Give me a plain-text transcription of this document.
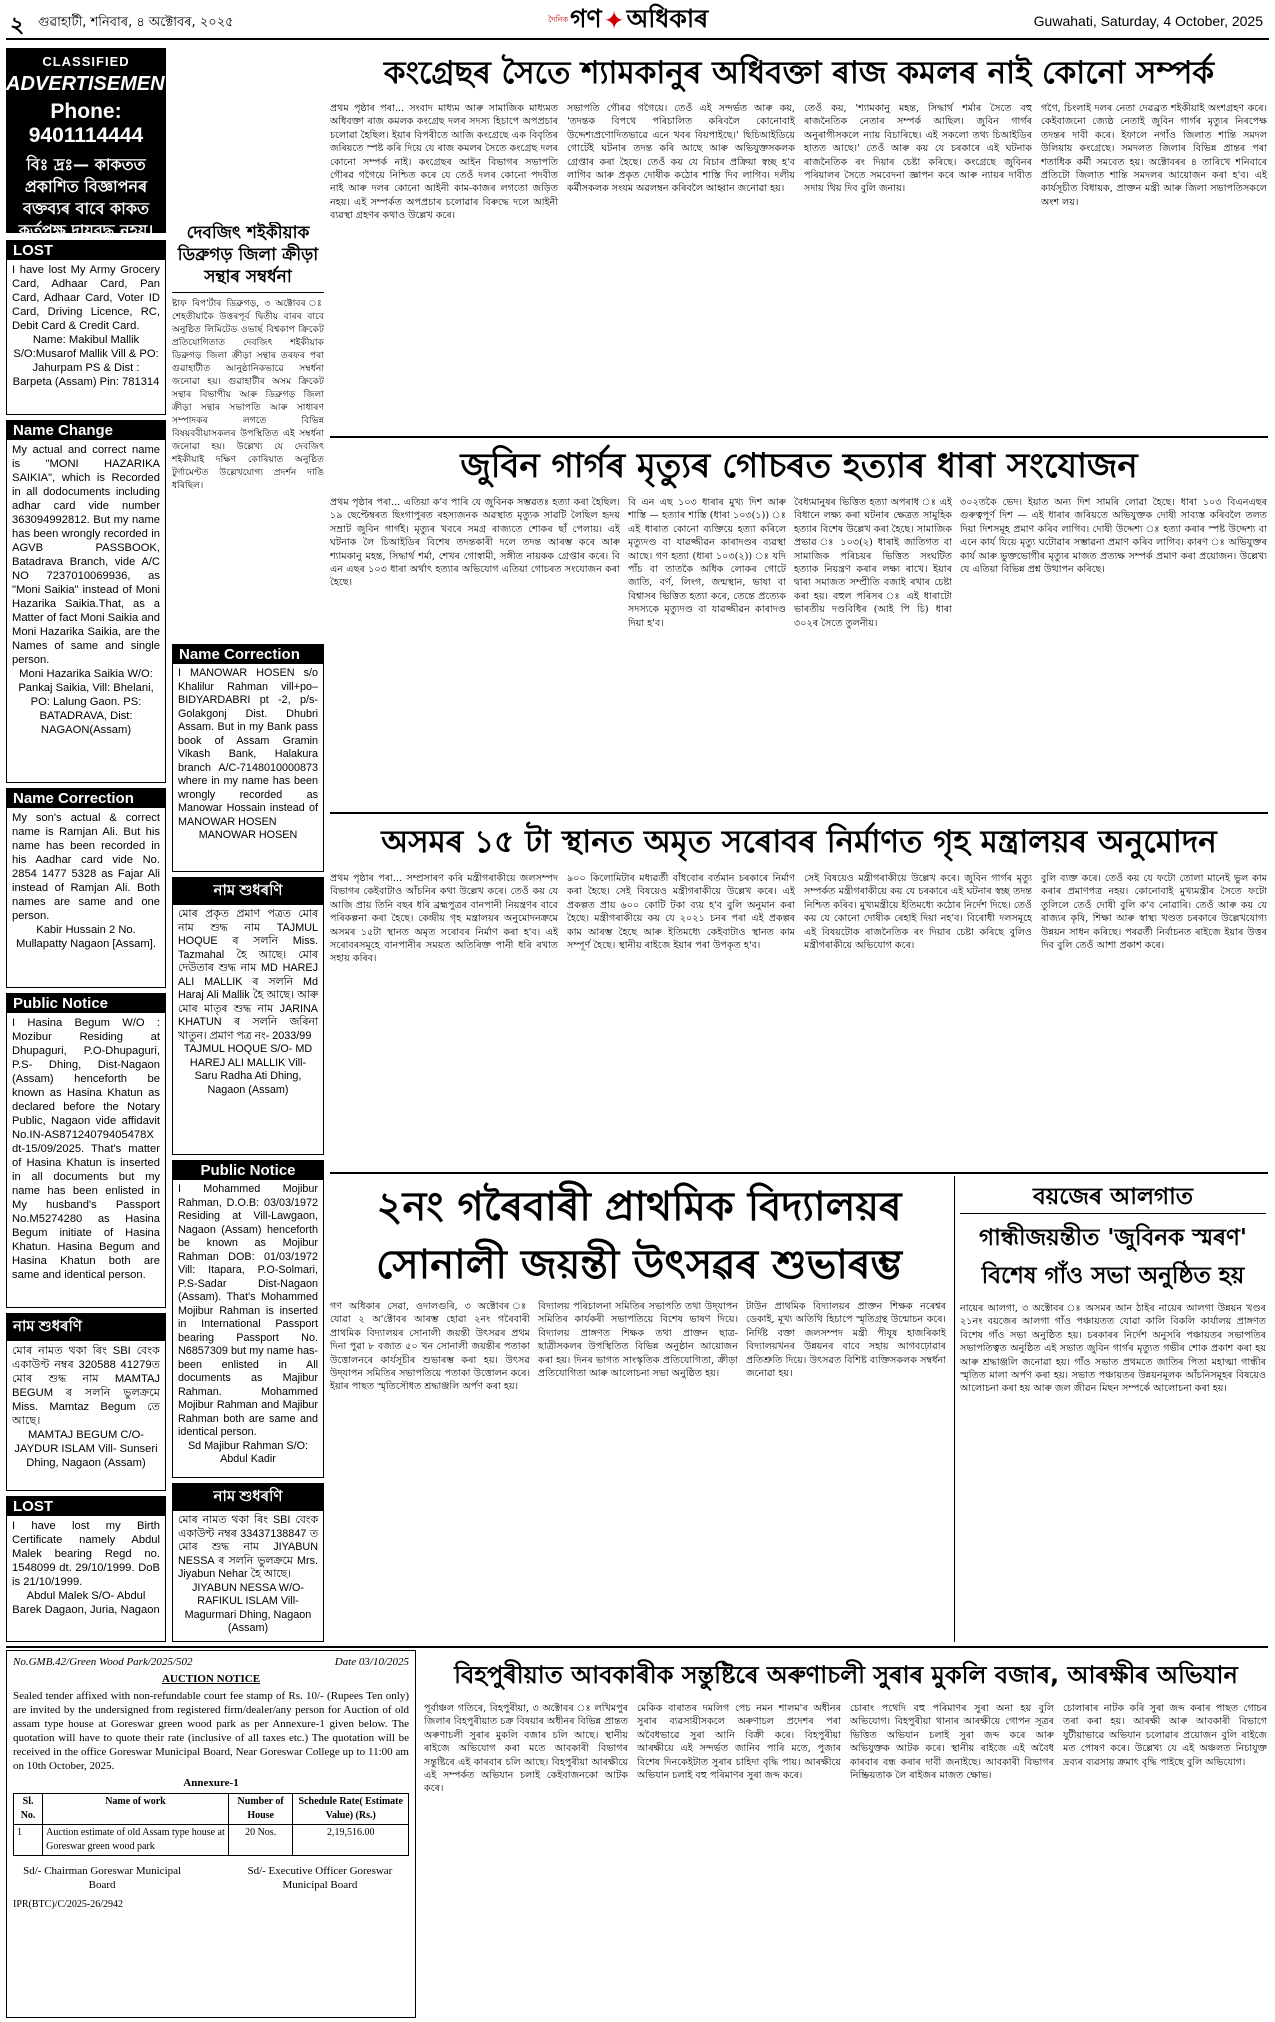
২ গুৱাহাটী, শনিবাৰ, ৪ অক্টোবৰ, ২০২৫	দৈনিক গণ ✦ অধিকাৰ	Guwahati, Saturday, 4 October, 2025
CLASSIFIED
ADVERTISEMENT
Phone: 9401114444
বিঃ দ্ৰঃ— কাকতত প্ৰকাশিত বিজ্ঞাপনৰ বক্তব্যৰ বাবে কাকত কৰ্তৃপক্ষ দায়বদ্ধ নহয়।
LOST
I have lost My Army Grocery Card, Adhaar Card, Pan Card, Adhaar Card, Voter ID Card, Driving Licence, RC, Debit Card & Credit Card.
Name: Makibul Mallik S/O:Musarof Mallik Vill & PO: Jahurpam PS & Dist : Barpeta (Assam) Pin: 781314
Name Change
My actual and correct name is "MONI HAZARIKA SAIKIA", which is Recorded in all dodocuments including adhar card vide number 363094992812. But my name has been wrongly recorded in AGVB PASSBOOK, Batadrava Branch, vide A/C NO 7237010069936, as "Moni Saikia" instead of Moni Hazarika Saikia.That, as a Matter of fact Moni Saikia and Moni Hazarika Saikia, are the Names of same and single person.
Moni Hazarika Saikia W/O: Pankaj Saikia, Vill: Bhelani, PO: Lalung Gaon. PS: BATADRAVA, Dist: NAGAON(Assam)
Name Correction
My son's actual & correct name is Ramjan Ali. But his name has been recorded in his Aadhar card vide No. 2854 1477 5328 as Fajar Ali instead of Ramjan Ali. Both names are same and one person.
Kabir Hussain 2 No. Mullapatty Nagaon [Assam].
Public Notice
I Hasina Begum W/O : Mozibur Residing at Dhupaguri, P.O-Dhupaguri, P.S- Dhing, Dist-Nagaon (Assam) henceforth be known as Hasina Khatun as declared before the Notary Public, Nagaon vide affidavit No.IN-AS87124079405478X dt-15/09/2025. That's matter of Hasina Khatun is inserted in all documents but my name has been enlisted in My husband's Passport No.M5274280 as Hasina Begum initiate of Hasina Khatun. Hasina Begum and Hasina Khatun both are same and identical person.
নাম শুধৰণি
মোৰ নামত থকা ৰিং SBI বেংক একাউণ্ট নম্বৰ 320588 41279ত মোৰ শুদ্ধ নাম MAMTAJ BEGUM ৰ সলনি ভুলক্ৰমে Miss. Mamtaz Begum তে আছে।
MAMTAJ BEGUM C/O- JAYDUR ISLAM Vill- Sunseri Dhing, Nagaon (Assam)
LOST
I have lost my Birth Certificate namely Abdul Malek bearing Regd no. 1548099 dt. 29/10/1999. DoB is 21/10/1999.
Abdul Malek S/O- Abdul Barek Dagaon, Juria, Nagaon
দেবজিৎ শইকীয়াক
ডিব্ৰুগড় জিলা ক্ৰীড়া
সন্থাৰ সম্বৰ্ধনা
ষ্টাফ ৰিপ'ৰ্টাৰ ডিব্ৰুগড়, ৩ অক্টোবৰ ঃ শেহতীয়াকৈ উত্তৰপূৰ্ব দ্বিতীয় বাৰৰ বাবে অনুষ্ঠিত লিমিটেড ওভাৰ্ছ বিশ্বকাপ ক্ৰিকেট প্ৰতিযোগিতাত দেবজিৎ শইকীয়াক ডিব্ৰুগড় জিলা ক্ৰীড়া সন্থাৰ তৰফৰ পৰা গুৱাহাটীত আনুষ্ঠানিকভাৱে সম্বৰ্ধনা জনোৱা হয়। গুৱাহাটীৰ অসম ক্ৰিকেট সন্থাৰ বিভাগীয় আৰু ডিব্ৰুগড় জিলা ক্ৰীড়া সন্থাৰ সভাপতি আৰু সাধাৰণ সম্পাদকৰ লগতে বিভিন্ন বিষয়ববীয়াসকলৰ উপস্থিতিত এই সম্বৰ্ধনা জনোৱা হয়। উল্লেখ্য যে দেবজিৎ শইকীয়াই দক্ষিণ কোৰিয়াত অনুষ্ঠিত টুৰ্ণামেণ্টত উল্লেখযোগ্য প্ৰদৰ্শন দাঙি ধৰিছিল।
Name Correction
I MANOWAR HOSEN s/o Khalilur Rahman vill+po– BIDYARDABRI pt -2, p/s-Golakgonj Dist. Dhubri Assam. But in my Bank pass book of Assam Gramin Vikash Bank, Halakura branch A/C-7148010000873 where in my name has been wrongly recorded as Manowar Hossain instead of MANOWAR HOSEN
MANOWAR HOSEN
নাম শুধৰণি
মোৰ প্ৰকৃত প্ৰমাণ পত্ৰত মোৰ নাম শুদ্ধ নাম TAJMUL HOQUE ৰ সলনি Miss. Tazmahal হৈ আছে। মোৰ দেউতাৰ শুদ্ধ নাম MD HAREJ ALI MALLIK ৰ সলনি Md Haraj Ali Mallik হৈ আছে। আৰু মোৰ মাতৃৰ শুদ্ধ নাম JARINA KHATUN ৰ সলনি জৰিনা খাতুন। প্ৰমাণ পত্ৰ নং- 2033/99
TAJMUL HOQUE S/O- MD HAREJ ALI MALLIK Vill- Saru Radha Ati Dhing, Nagaon (Assam)
Public Notice
I Mohammed Mojibur Rahman, D.O.B: 03/03/1972 Residing at Vill-Lawgaon, Nagaon (Assam) henceforth be known as Mojibur Rahman DOB: 01/03/1972 Vill: Itapara, P.O-Solmari, P.S-Sadar Dist-Nagaon (Assam). That's Mohammed Mojibur Rahman is inserted in International Passport bearing Passport No. N6857309 but my name has-been enlisted in All documents as Majibur Rahman. Mohammed Mojibur Rahman and Majibur Rahman both are same and identical person.
Sd Majibur Rahman S/O: Abdul Kadir
নাম শুধৰণি
মোৰ নামত থকা ৰিং SBI বেংক একাউণ্ট নম্বৰ 33437138847 ত মোৰ শুদ্ধ নাম JIYABUN NESSA ৰ সলনি ভুলক্ৰমে Mrs. Jiyabun Nehar হৈ আছে।
JIYABUN NESSA W/O- RAFIKUL ISLAM Vill- Magurmari Dhing, Nagaon (Assam)
কংগ্ৰেছৰ সৈতে শ্যামকানুৰ অধিবক্তা ৰাজ কমলৰ নাই কোনো সম্পৰ্ক
প্ৰথম পৃষ্ঠাৰ পৰা... সংবাদ মাধ্যম আৰু সামাজিক মাধ্যমত অধিবক্তা ৰাজ কমলক কংগ্ৰেছ দলৰ সদস্য হিচাপে অপপ্ৰচাৰ চলোৱা হৈছিল। ইয়াৰ বিপৰীতে আজি কংগ্ৰেছে এক বিবৃতিৰ জৰিয়তে স্পষ্ট কৰি দিয়ে যে ৰাজ কমলৰ সৈতে কংগ্ৰেছ দলৰ কোনো সম্পৰ্ক নাই। কংগ্ৰেছৰ আইন বিভাগৰ সভাপতি গৌৰৱ গগৈয়ে নিশ্চিত কৰে যে তেওঁ দলৰ কোনো পদবীত নাই আৰু দলৰ কোনো আইনী কাম-কাজৰ লগতো জড়িত নহয়। এই সম্পৰ্কত অপপ্ৰচাৰ চলোৱাৰ বিৰুদ্ধে দলে আইনী ব্যৱস্থা গ্ৰহণৰ কথাও উল্লেখ কৰে।
সভাপতি গৌৰৱ গগৈয়ে। তেওঁ এই সন্দৰ্ভত আৰু কয়, 'তদন্তক বিপথে পৰিচালিত কৰিবলৈ কোনোবাই উদ্দেশ্যপ্ৰণোদিতভাৱে এনে খবৰ বিয়পাইছে।' ছিচিআইডিয়ে গোটেই ঘটনাৰ তদন্ত কৰি আছে আৰু অভিযুক্তসকলক গ্ৰেপ্তাৰ কৰা হৈছে। তেওঁ কয় যে বিচাৰ প্ৰক্ৰিয়া স্বচ্ছ হ'ব লাগিব আৰু প্ৰকৃত দোষীক কঠোৰ শাস্তি দিব লাগিব। দলীয় কৰ্মীসকলক সংযম অৱলম্বন কৰিবলৈ আহ্বান জনোৱা হয়।
তেওঁ কয়, 'শ্যামকানু মহন্ত, সিদ্ধাৰ্থ শৰ্মাৰ সৈতে বহু ৰাজনৈতিক নেতাৰ সম্পৰ্ক আছিল। জুবিন গাৰ্গৰ অনুৰাগীসকলে ন্যায় বিচাৰিছে। এই সকলো তথ্য চিআইডিৰ হাতত আছে।' তেওঁ আৰু কয় যে চৰকাৰে এই ঘটনাক ৰাজনৈতিক ৰং দিয়াৰ চেষ্টা কৰিছে। কংগ্ৰেছে জুবিনৰ পৰিয়ালৰ সৈতে সমবেদনা জ্ঞাপন কৰে আৰু ন্যায়ৰ দাবীত সদায় থিয় দিব বুলি জনায়।
গগৈ, চিংলাই দলৰ নেতা দেৱব্ৰত শইকীয়াই অংশগ্ৰহণ কৰে। কেইবাজনো জ্যেষ্ঠ নেতাই জুবিন গাৰ্গৰ মৃত্যুৰ নিৰপেক্ষ তদন্তৰ দাবী কৰে। ইফালে নগাঁও জিলাত শান্তি সমদল উলিয়ায় কংগ্ৰেছে। সমদলত জিলাৰ বিভিন্ন প্ৰান্তৰ পৰা শতাধিক কৰ্মী সমবেত হয়। অক্টোবৰৰ ৪ তাৰিখে শনিবাৰে প্ৰতিটো জিলাত শান্তি সমদলৰ আয়োজন কৰা হ'ব। এই কাৰ্যসূচীত বিধায়ক, প্ৰাক্তন মন্ত্ৰী আৰু জিলা সভাপতিসকলে অংশ লয়।
জুবিন গাৰ্গৰ মৃত্যুৰ গোচৰত হত্যাৰ ধাৰা সংযোজন
প্ৰথম পৃষ্ঠাৰ পৰা... এতিয়া ক'ব পাৰি যে জুবিনক সম্ভৱতঃ হত্যা কৰা হৈছিল। ১৯ ছেপ্টেম্বৰত ছিংগাপুৰত ৰহস্যজনক অৱস্থাত মৃত্যুক সাৱটি লৈছিল হৃদয় সম্ৰাট জুবিন গাৰ্গই। মৃত্যুৰ খবৰে সমগ্ৰ ৰাজ্যতে শোকৰ ছাঁ পেলায়। এই ঘটনাক লৈ চিআইডিৰ বিশেষ তদন্তকাৰী দলে তদন্ত আৰম্ভ কৰে আৰু শ্যামকানু মহন্ত, সিদ্ধাৰ্থ শৰ্মা, শেখৰ গোস্বামী, সঙ্গীত নায়কক গ্ৰেপ্তাৰ কৰে। বি এন এছৰ ১০৩ ধাৰা অৰ্থাৎ হত্যাৰ অভিযোগ এতিয়া গোচৰত সংযোজন কৰা হৈছে।
বি এন এছ ১০৩ ধাৰাৰ মুখ্য দিশ আৰু শাস্তি — হত্যাৰ শাস্তি (ধাৰা ১০৩(১)) ঃ এই ধাৰাত কোনো ব্যক্তিয়ে হত্যা কৰিলে মৃত্যুদণ্ড বা যাৱজ্জীৱন কাৰাদণ্ডৰ ব্যৱস্থা আছে। গণ হত্যা (ধাৰা ১০৩(২)) ঃ যদি পাঁচ বা তাতকৈ অধিক লোকৰ গোটে জাতি, বৰ্ণ, লিংগ, জন্মস্থান, ভাষা বা বিশ্বাসৰ ভিত্তিত হত্যা কৰে, তেন্তে প্ৰত্যেক সদস্যকে মৃত্যুদণ্ড বা যাৱজ্জীৱন কাৰাদণ্ড দিয়া হ'ব।
বৈধ্যমানুষৰ ভিত্তিত হত্যা অপৰাধ ঃ এই বিধানে লক্ষ্য কৰা ঘটনাৰ ক্ষেত্ৰত সামুহিক হত্যাৰ বিশেষ উল্লেখ কৰা হৈছে। সামাজিক প্ৰভাৱ ঃ ১০৩(২) ধাৰাই জাতিগত বা সামাজিক পৰিচয়ৰ ভিত্তিত সংঘটিত হত্যাক নিয়ন্ত্ৰণ কৰাৰ লক্ষ্য ৰাখে। ইয়াৰ দ্বাৰা সমাজত সম্প্ৰীতি বজাই ৰখাৰ চেষ্টা কৰা হয়। বহুল পৰিসৰ ঃ এই ধাৰাটো ভাৰতীয় দণ্ডবিধিৰ (আই পি চি) ধাৰা ৩০২ৰ সৈতে তুলনীয়।
৩০২তকৈ ভেদ। ইয়াত অন্য দিশ সামৰি লোৱা হৈছে। ধাৰা ১০৩ বিএনএছৰ গুৰুত্বপূৰ্ণ দিশ — এই ধাৰাৰ জৰিয়তে অভিযুক্তক দোষী সাব্যস্ত কৰিবলৈ তলত দিয়া দিশসমূহ প্ৰমাণ কৰিব লাগিব। দোষী উদ্দেশ্য ঃ হত্যা কৰাৰ স্পষ্ট উদ্দেশ্য বা এনে কাৰ্য যিয়ে মৃত্যু ঘটোৱাৰ সম্ভাৱনা প্ৰমাণ কৰিব লাগিব। কাৰণ ঃ অভিযুক্তৰ কাৰ্য আৰু ভুক্তভোগীৰ মৃত্যুৰ মাজত প্ৰত্যক্ষ সম্পৰ্ক প্ৰমাণ কৰা প্ৰয়োজন। উল্লেখ্য যে এতিয়া বিভিন্ন প্ৰশ্ন উত্থাপন কৰিছে।
অসমৰ ১৫ টা স্থানত অমৃত সৰোবৰ নিৰ্মাণত গৃহ মন্ত্ৰালয়ৰ অনুমোদন
প্ৰথম পৃষ্ঠাৰ পৰা... সম্প্ৰসাৰণ কৰি মন্ত্ৰীগৰাকীয়ে জলসম্পদ বিভাগৰ কেইবাটাও আঁচনিৰ কথা উল্লেখ কৰে। তেওঁ কয় যে আজি প্ৰায় তিনি বছৰ ধৰি ব্ৰহ্মপুত্ৰৰ বানপানী নিয়ন্ত্ৰণৰ বাবে পৰিকল্পনা কৰা হৈছে। কেন্দ্ৰীয় গৃহ মন্ত্ৰালয়ৰ অনুমোদনক্ৰমে অসমৰ ১৫টা স্থানত অমৃত সৰোবৰ নিৰ্মাণ কৰা হ'ব। এই সৰোবৰসমূহে বানপানীৰ সময়ত অতিৰিক্ত পানী ধৰি ৰখাত সহায় কৰিব।
৯০০ কিলোমিটাৰ মধ্যৱৰ্তী বাঁধবোৰ বৰ্তমান চৰকাৰে নিৰ্মাণ কৰা হৈছে। সেই বিষয়েও মন্ত্ৰীগৰাকীয়ে উল্লেখ কৰে। এই প্ৰকল্পত প্ৰায় ৬০০ কোটি টকা ব্যয় হ'ব বুলি অনুমান কৰা হৈছে। মন্ত্ৰীগৰাকীয়ে কয় যে ২০২১ চনৰ পৰা এই প্ৰকল্পৰ কাম আৰম্ভ হৈছে আৰু ইতিমধ্যে কেইবাটাও স্থানত কাম সম্পূৰ্ণ হৈছে। স্থানীয় ৰাইজে ইয়াৰ পৰা উপকৃত হ'ব।
সেই বিষয়েও মন্ত্ৰীগৰাকীয়ে উল্লেখ কৰে। জুবিন গাৰ্গৰ মৃত্যু সম্পৰ্কত মন্ত্ৰীগৰাকীয়ে কয় যে চৰকাৰে এই ঘটনাৰ স্বচ্ছ তদন্ত নিশ্চিত কৰিব। মুখ্যমন্ত্ৰীয়ে ইতিমধ্যে কঠোৰ নিৰ্দেশ দিছে। তেওঁ কয় যে কোনো দোষীক ৰেহাই দিয়া নহ'ব। বিৰোধী দলসমূহে এই বিষয়টোক ৰাজনৈতিক ৰং দিয়াৰ চেষ্টা কৰিছে বুলিও মন্ত্ৰীগৰাকীয়ে অভিযোগ কৰে।
বুলি ব্যক্ত কৰে। তেওঁ কয় যে ফটো তোলা মানেই ভুল কাম কৰাৰ প্ৰমাণপত্ৰ নহয়। কোনোবাই মুখ্যমন্ত্ৰীৰ সৈতে ফটো তুলিলে তেওঁ দোষী বুলি ক'ব নোৱাৰি। তেওঁ আৰু কয় যে ৰাজ্যৰ কৃষি, শিক্ষা আৰু স্বাস্থ্য খণ্ডত চৰকাৰে উল্লেখযোগ্য উন্নয়ন সাধন কৰিছে। পৰৱৰ্তী নিৰ্বাচনত ৰাইজে ইয়াৰ উত্তৰ দিব বুলি তেওঁ আশা প্ৰকাশ কৰে।
২নং গৰৈবাৰী প্ৰাথমিক বিদ্যালয়ৰ
সোনালী জয়ন্তী উৎসৱৰ শুভাৰম্ভ
গণ অধিকাৰ সেৱা, ওদালগুৰি, ৩ অক্টোবৰ ঃ যোৱা ২ অ'ক্টোবৰ আৰম্ভ হোৱা ২নং গৰৈবাৰী প্ৰাথমিক বিদ্যালয়ৰ সোনালী জয়ন্তী উৎসৱৰ প্ৰথম দিনা পুৱা ৮ বজাত ৫০ খন সোনালী জয়ন্তীৰ পতাকা উত্তোলনৰে কাৰ্যসূচীৰ শুভাৰম্ভ কৰা হয়। উৎসৱ উদ্‌যাপন সমিতিৰ সভাপতিয়ে পতাকা উত্তোলন কৰে। ইয়াৰ পাছত স্মৃতিসৌধত শ্ৰদ্ধাঞ্জলি অৰ্পণ কৰা হয়।
বিদ্যালয় পৰিচালনা সমিতিৰ সভাপতি তথা উদ্‌যাপন সমিতিৰ কাৰ্যকৰী সভাপতিয়ে বিশেষ ভাষণ দিয়ে। বিদ্যালয় প্ৰাঙ্গণত শিক্ষক তথা প্ৰাক্তন ছাত্ৰ-ছাত্ৰীসকলৰ উপস্থিতিত বিভিন্ন অনুষ্ঠান আয়োজন কৰা হয়। দিনৰ ভাগত সাংস্কৃতিক প্ৰতিযোগিতা, ক্ৰীড়া প্ৰতিযোগিতা আৰু আলোচনা সভা অনুষ্ঠিত হয়।
টাউন প্ৰাথমিক বিদ্যালয়ৰ প্ৰাক্তন শিক্ষক নৰেশ্বৰ ডেকাই, মূখ্য অতিথি হিচাপে স্মৃতিগ্ৰন্থ উন্মোচন কৰে। নিৰ্দিষ্ট বক্তা জলসম্পদ মন্ত্ৰী পীযূষ হাজৰিকাই বিদ্যালয়খনৰ উন্নয়নৰ বাবে সহায় আগবঢ়োৱাৰ প্ৰতিশ্ৰুতি দিয়ে। উৎসৱত বিশিষ্ট ব্যক্তিসকলক সম্বৰ্ধনা জনোৱা হয়।
বয়জেৰ আলগাত
গান্ধীজয়ন্তীত 'জুবিনক স্মৰণ'
বিশেষ গাঁও সভা অনুষ্ঠিত হয়
নায়েৰ আলগা, ৩ অক্টোবৰ ঃ অসমৰ আন ঠাইৰ নায়েৰ আলগা উন্নয়ন খণ্ডৰ ২১নং বয়জেৰ আলগা গাঁও পঞ্চায়তত যোৱা কালি বিকলি কাৰ্যালয় প্ৰাঙ্গণত বিশেষ গাঁও সভা অনুষ্ঠিত হয়। চৰকাৰৰ নিৰ্দেশ অনুসৰি পঞ্চায়তৰ সভাপতিৰ সভাপতিত্বত অনুষ্ঠিত এই সভাত জুবিন গাৰ্গৰ মৃত্যুত গভীৰ শোক প্ৰকাশ কৰা হয় আৰু শ্ৰদ্ধাঞ্জলি জনোৱা হয়। গাঁও সভাত প্ৰথমতে জাতিৰ পিতা মহাত্মা গান্ধীৰ স্মৃতিত মালা অৰ্পণ কৰা হয়। সভাত পঞ্চায়তৰ উন্নয়নমূলক আঁচনিসমূহৰ বিষয়েও আলোচনা কৰা হয় আৰু জল জীৱন মিছন সম্পৰ্কে আলোচনা কৰা হয়।
No.GMB.42/Green Wood Park/2025/502	Date 03/10/2025
AUCTION NOTICE
Sealed tender affixed with non-refundable court fee stamp of Rs. 10/- (Rupees Ten only) are invited by the undersigned from registered firm/dealer/any person for Auction of old assam type house at Goreswar green wood park as per Annexure-1 given below. The quotation will have to quote their rate (inclusive of all taxes etc.) The quotation will be received in the office Goreswar Municipal Board, Near Goreswar College up to 11:00 am on 10th October, 2025.
Annexure-1
Sl. No.	Name of work	Number of House	Schedule Rate( Estimate Value) (Rs.)
1	Auction estimate of old Assam type house at Goreswar green wood park	20 Nos.	2,19,516.00
Sd/- Chairman Goreswar Municipal Board
Sd/- Executive Officer Goreswar Municipal Board
IPR(BTC)/C/2025-26/2942
বিহপুৰীয়াত আবকাৰীক সন্তুষ্টিৰে অৰুণাচলী সুৰাৰ মুকলি বজাৰ, আৰক্ষীৰ অভিযান
পূৰ্বাঞ্চল গতিৰে, বিহপুৰীয়া, ৩ অক্টোবৰ ঃ লখিমপুৰ জিলাৰ বিহপুৰীয়াত চক্ৰ বিষয়াৰ অধীনৰ বিভিন্ন প্ৰান্তত অৰুণাচলী সুৰাৰ মুকলি বজাৰ চলি আছে। স্থানীয় ৰাইজে অভিযোগ কৰা মতে আবকাৰী বিভাগৰ সন্তুষ্টিৰে এই কাৰবাৰ চলি আছে। বিহপুৰীয়া আৰক্ষীয়ে এই সম্পৰ্কত অভিযান চলাই কেইবাজনকো আটক কৰে।
মেকিক বাৰাতৰ দমলিগ পেচ নমন শালম'ৰ অধীনৰ সুৰাৰ ব্যৱসায়ীসকলে অৰুণাচল প্ৰদেশৰ পৰা অবৈধভাৱে সুৰা আনি বিক্ৰী কৰে। বিহপুৰীয়া আৰক্ষীয়ে এই সন্দৰ্ভত জানিব পাৰি মতে, পুজাৰ বিশেষ দিনকেইটাত সুৰাৰ চাহিদা বৃদ্ধি পায়। আৰক্ষীয়ে অভিযান চলাই বহু পৰিমাণৰ সুৰা জব্দ কৰে।
চোৰাং পথেদি বহু পৰিমাণৰ সুৰা অনা হয় বুলি অভিযোগ। বিহপুৰীয়া থানাৰ আৰক্ষীয়ে গোপন সূত্ৰৰ ভিত্তিত অভিযান চলাই সুৰা জব্দ কৰে আৰু অভিযুক্তক আটক কৰে। স্থানীয় ৰাইজে এই অবৈধ কাৰবাৰ বন্ধ কৰাৰ দাবী জনাইছে। আবকাৰী বিভাগৰ নিষ্ক্ৰিয়তাক লৈ ৰাইজৰ মাজত ক্ষোভ।
চোলাৰাৰ নাটক কৰি সুৰা জব্দ কৰাৰ পাছত গোচৰ তৰা কৰা হয়। আৰক্ষী আৰু আবকাৰী বিভাগে যুটীয়াভাৱে অভিযান চলোৱাৰ প্ৰয়োজন বুলি ৰাইজে মত পোষণ কৰে। উল্লেখ্য যে এই অঞ্চলত নিচাযুক্ত দ্ৰব্যৰ ব্যৱসায় ক্ৰমাৎ বৃদ্ধি পাইছে বুলি অভিযোগ।
